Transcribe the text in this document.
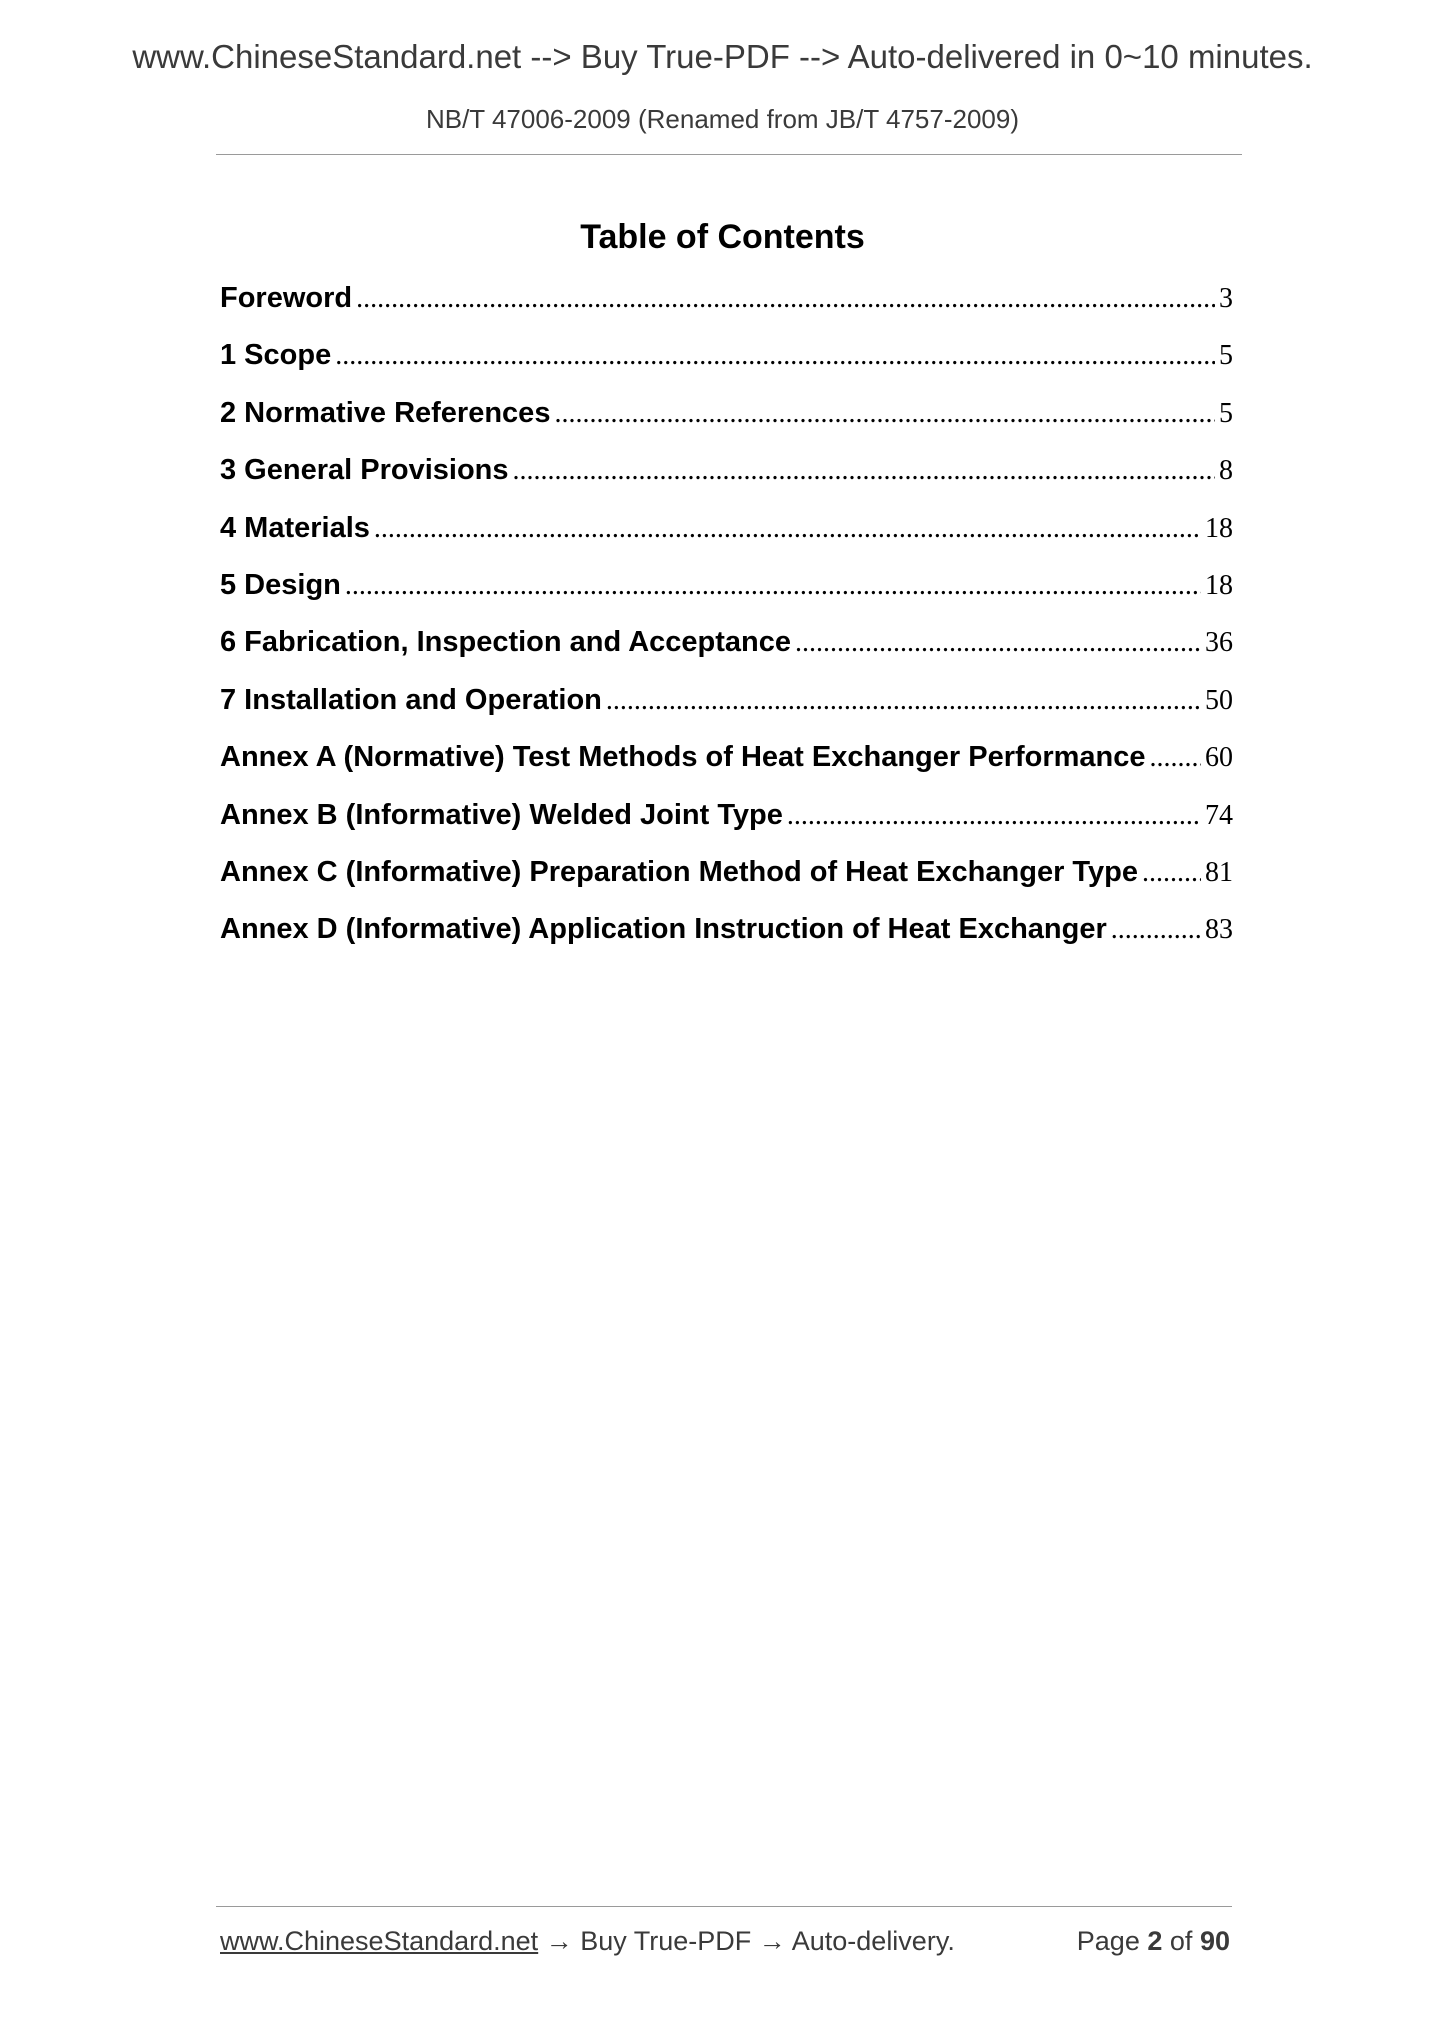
www.ChineseStandard.net --> Buy True-PDF --> Auto-delivered in 0~10 minutes.
NB/T 47006-2009 (Renamed from JB/T 4757-2009)
Table of Contents
Foreword .....	3
1 Scope .....	5
2 Normative References .....	5
3 General Provisions .....	8
4 Materials .....	18
5 Design .....	18
6 Fabrication, Inspection and Acceptance .....	36
7 Installation and Operation .....	50
Annex A (Normative) Test Methods of Heat Exchanger Performance ..... 60
Annex B (Informative) Welded Joint Type .....	74
Annex C (Informative) Preparation Method of Heat Exchanger Type ..... 81
Annex D (Informative) Application Instruction of Heat Exchanger .....	83
www.ChineseStandard.net → Buy True-PDF → Auto-delivery.	Page 2 of 90
